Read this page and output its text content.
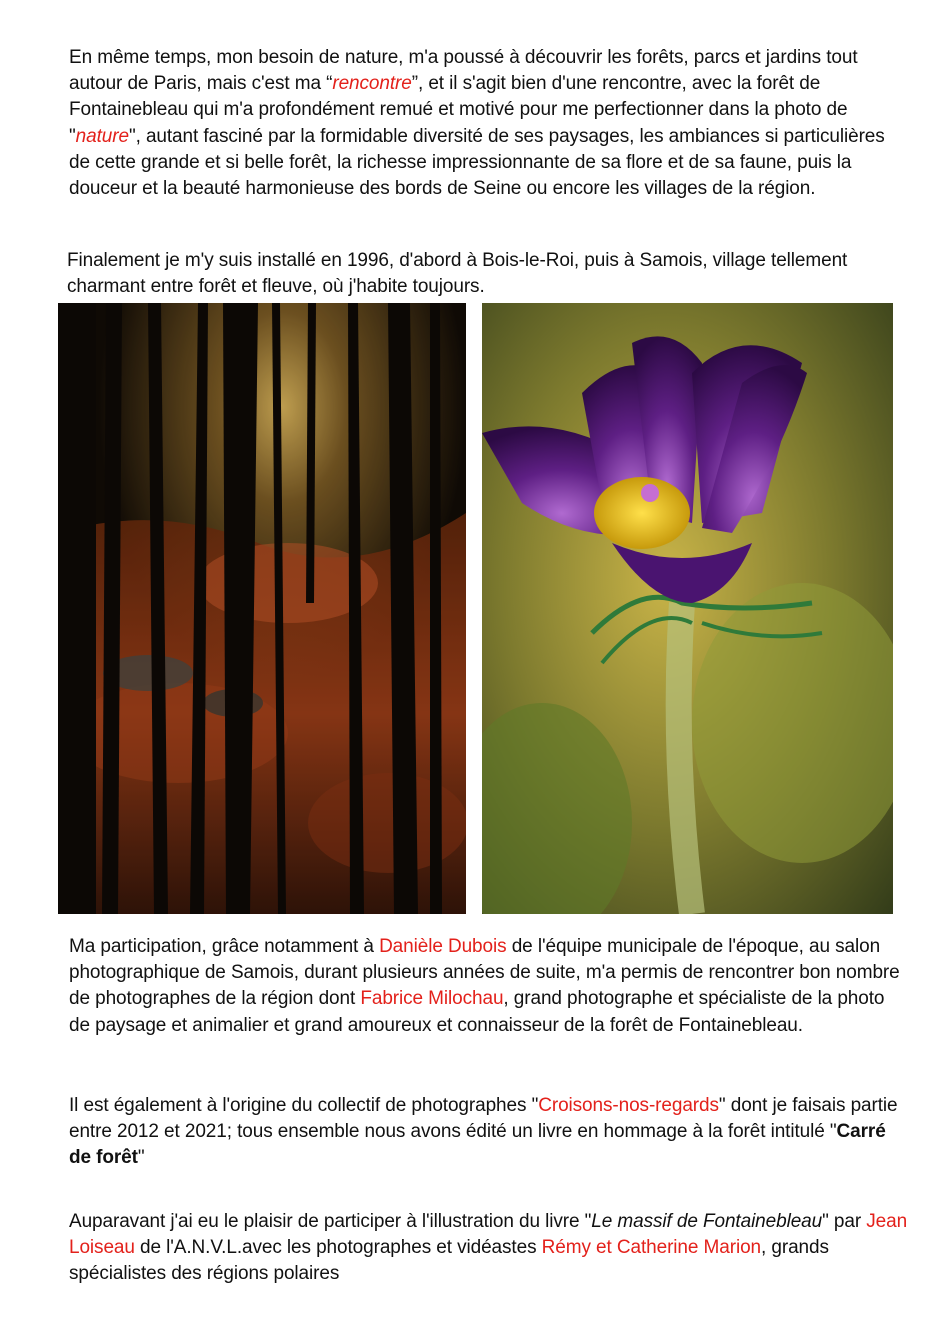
En même temps, mon besoin de nature, m'a poussé à découvrir les forêts, parcs et jardins tout autour de Paris, mais c'est ma “rencontre”, et il s'agit bien d'une rencontre, avec la forêt de Fontainebleau qui m'a profondément remué et motivé pour me perfectionner dans la photo de "nature", autant fasciné par la formidable diversité de ses paysages, les ambiances si particulières de cette grande et si belle forêt, la richesse impressionnante de sa flore et de sa faune, puis la douceur et la beauté harmonieuse des bords de Seine ou encore les villages de la région.

Finalement je m'y suis installé en 1996, d'abord à Bois-le-Roi, puis à Samois, village tellement charmant entre forêt et fleuve, où j'habite toujours.

Ma participation, grâce notamment à Danièle Dubois de l'équipe municipale de l'époque, au salon photographique de Samois, durant plusieurs années de suite, m'a permis de rencontrer bon nombre de photographes de la région dont Fabrice Milochau, grand photographe et spécialiste de la photo de paysage et animalier et grand amoureux et connaisseur de la forêt de Fontainebleau.

Il est également à l'origine du collectif de photographes "Croisons-nos-regards" dont je faisais partie entre 2012 et 2021; tous ensemble nous avons édité un livre en hommage à la forêt intitulé "Carré de forêt"

Auparavant j'ai eu le plaisir de participer à l'illustration du livre "Le massif de Fontainebleau" par Jean Loiseau de l'A.N.V.L.avec les photographes et vidéastes Rémy et Catherine Marion, grands spécialistes des régions polaires
